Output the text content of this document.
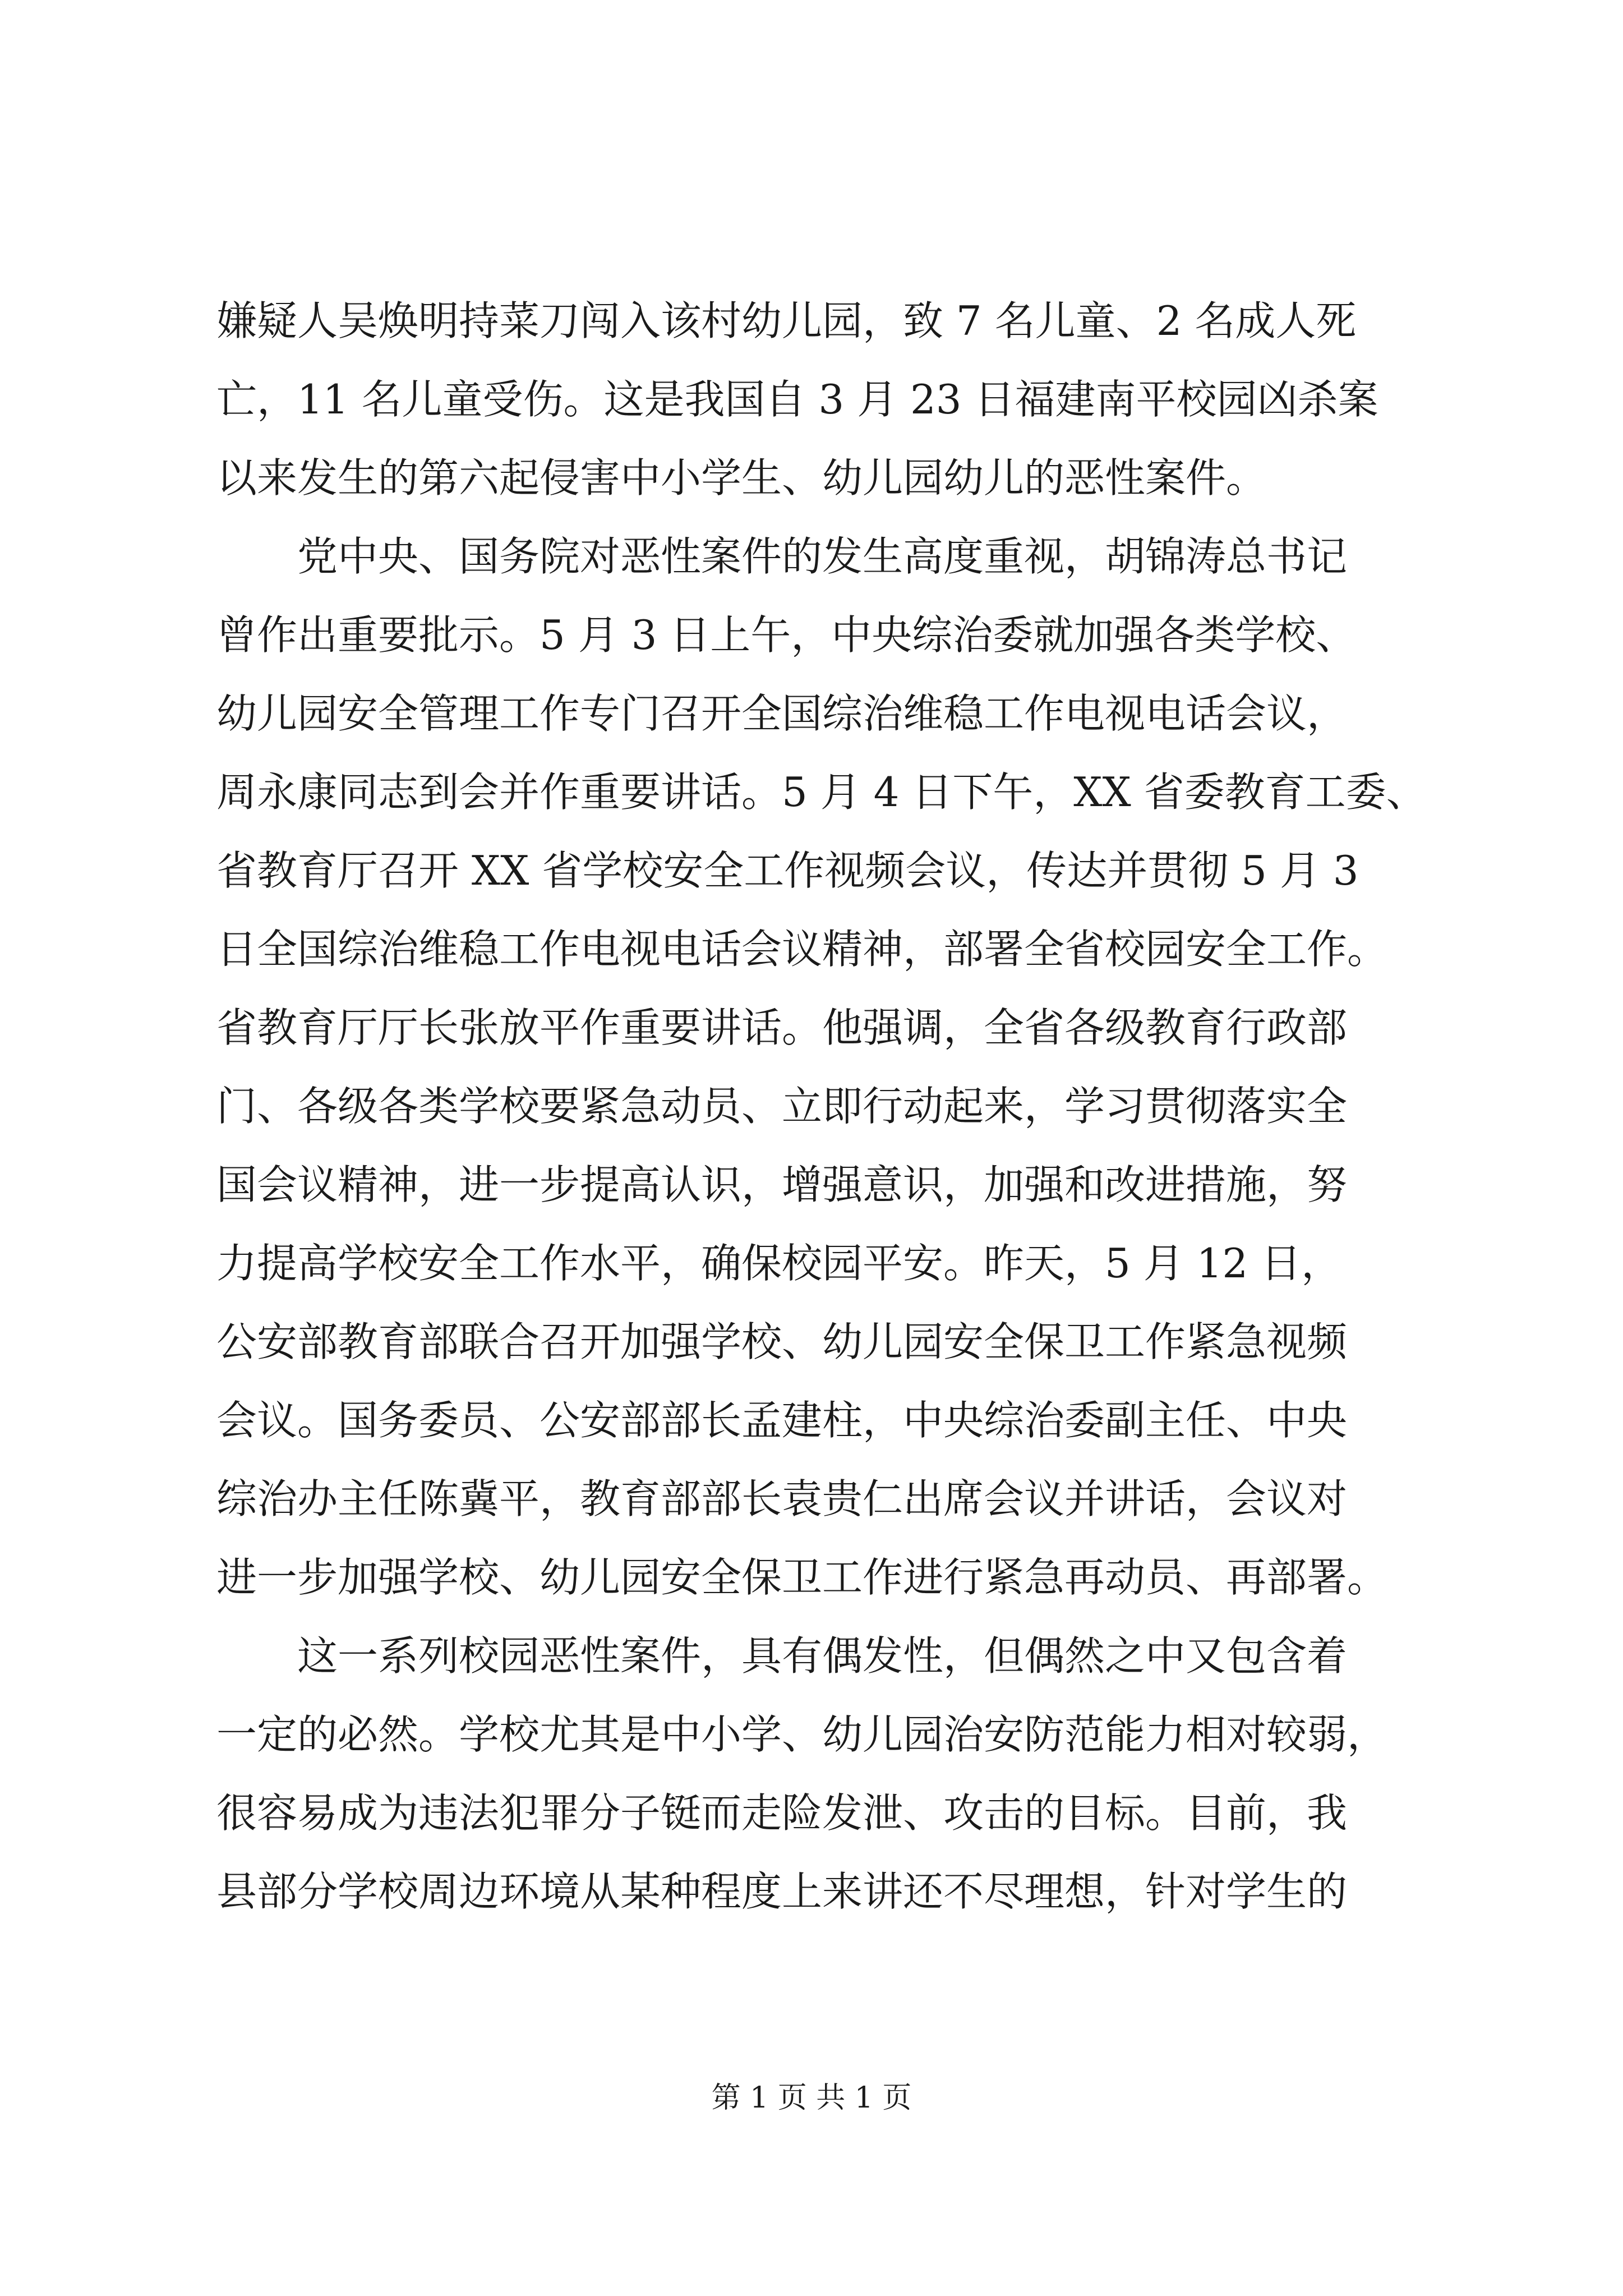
嫌疑人吴焕明持菜刀闯入该村幼儿园，致 7 名儿童、2 名成人死
亡，11 名儿童受伤。这是我国自 3 月 23 日福建南平校园凶杀案
以来发生的第六起侵害中小学生、幼儿园幼儿的恶性案件。
党中央、国务院对恶性案件的发生高度重视，胡锦涛总书记
曾作出重要批示。5 月 3 日上午，中央综治委就加强各类学校、
幼儿园安全管理工作专门召开全国综治维稳工作电视电话会议，
周永康同志到会并作重要讲话。5 月 4 日下午，XX 省委教育工委、
省教育厅召开 XX 省学校安全工作视频会议，传达并贯彻 5 月 3
日全国综治维稳工作电视电话会议精神，部署全省校园安全工作。
省教育厅厅长张放平作重要讲话。他强调，全省各级教育行政部
门、各级各类学校要紧急动员、立即行动起来，学习贯彻落实全
国会议精神，进一步提高认识，增强意识，加强和改进措施，努
力提高学校安全工作水平，确保校园平安。昨天，5 月 12 日，
公安部教育部联合召开加强学校、幼儿园安全保卫工作紧急视频
会议。国务委员、公安部部长孟建柱，中央综治委副主任、中央
综治办主任陈冀平，教育部部长袁贵仁出席会议并讲话，会议对
进一步加强学校、幼儿园安全保卫工作进行紧急再动员、再部署。
这一系列校园恶性案件，具有偶发性，但偶然之中又包含着
一定的必然。学校尤其是中小学、幼儿园治安防范能力相对较弱，
很容易成为违法犯罪分子铤而走险发泄、攻击的目标。目前，我
县部分学校周边环境从某种程度上来讲还不尽理想，针对学生的
第 1 页 共 1 页
